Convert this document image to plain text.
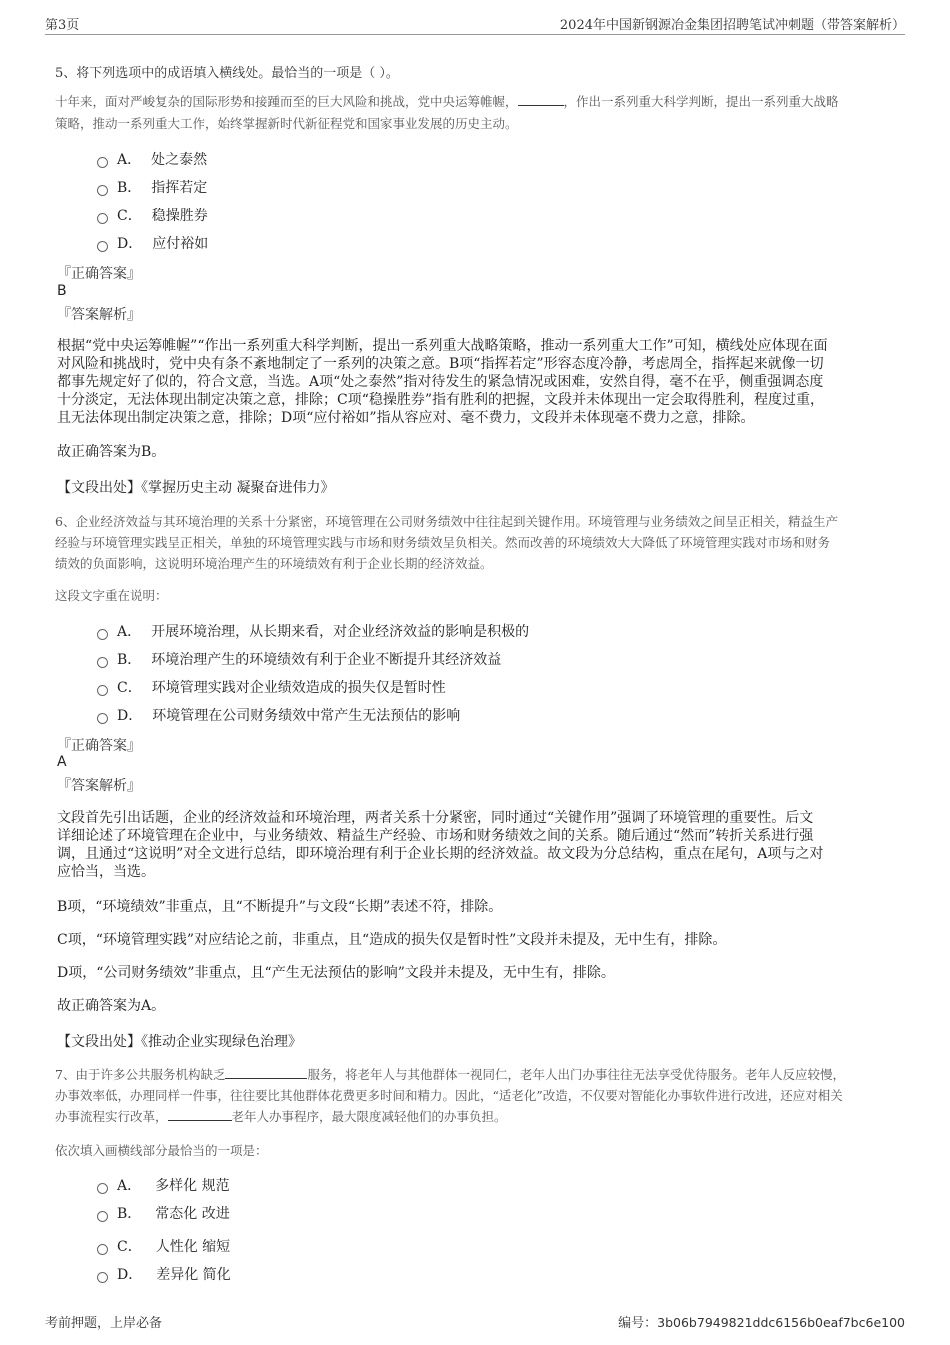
第3页	2024年中国新钢源冶金集团招聘笔试冲刺题（带答案解析）
5、将下列选项中的成语填入横线处。最恰当的一项是（ ）。
十年来，面对严峻复杂的国际形势和接踵而至的巨大风险和挑战，党中央运筹帷幄，	，作出一系列重大科学判断，提出一系列重大战略
策略，推动一系列重大工作，始终掌握新时代新征程党和国家事业发展的历史主动。
A． 处之泰然
B． 指挥若定
C． 稳操胜券
D． 应付裕如
『正确答案』
B
『答案解析』
根据“党中央运筹帷幄”“作出一系列重大科学判断，提出一系列重大战略策略，推动一系列重大工作”可知，横线处应体现在面
对风险和挑战时，党中央有条不紊地制定了一系列的决策之意。B项“指挥若定”形容态度冷静，考虑周全，指挥起来就像一切
都事先规定好了似的，符合文意，当选。A项“处之泰然”指对待发生的紧急情况或困难，安然自得，毫不在乎，侧重强调态度
十分淡定，无法体现出制定决策之意，排除；C项“稳操胜券”指有胜利的把握，文段并未体现出一定会取得胜利，程度过重，
且无法体现出制定决策之意，排除；D项“应付裕如”指从容应对、毫不费力，文段并未体现毫不费力之意，排除。
故正确答案为B。
【文段出处】《掌握历史主动 凝聚奋进伟力》
6、企业经济效益与其环境治理的关系十分紧密，环境管理在公司财务绩效中往往起到关键作用。环境管理与业务绩效之间呈正相关，精益生产
经验与环境管理实践呈正相关，单独的环境管理实践与市场和财务绩效呈负相关。然而改善的环境绩效大大降低了环境管理实践对市场和财务
绩效的负面影响，这说明环境治理产生的环境绩效有利于企业长期的经济效益。
这段文字重在说明：
A． 开展环境治理，从长期来看，对企业经济效益的影响是积极的
B． 环境治理产生的环境绩效有利于企业不断提升其经济效益
C． 环境管理实践对企业绩效造成的损失仅是暂时性
D． 环境管理在公司财务绩效中常产生无法预估的影响
『正确答案』
A
『答案解析』
文段首先引出话题，企业的经济效益和环境治理，两者关系十分紧密，同时通过“关键作用”强调了环境管理的重要性。后文
详细论述了环境管理在企业中，与业务绩效、精益生产经验、市场和财务绩效之间的关系。随后通过“然而”转折关系进行强
调，且通过“这说明”对全文进行总结，即环境治理有利于企业长期的经济效益。故文段为分总结构，重点在尾句，A项与之对
应恰当，当选。
B项，“环境绩效”非重点，且“不断提升”与文段“长期”表述不符，排除。
C项，“环境管理实践”对应结论之前，非重点，且“造成的损失仅是暂时性”文段并未提及，无中生有，排除。
D项，“公司财务绩效”非重点，且“产生无法预估的影响”文段并未提及，无中生有，排除。
故正确答案为A。
【文段出处】《推动企业实现绿色治理》
7、由于许多公共服务机构缺乏	服务，将老年人与其他群体一视同仁，老年人出门办事往往无法享受优待服务。老年人反应较慢，
办事效率低，办理同样一件事，往往要比其他群体花费更多时间和精力。因此，“适老化”改造，不仅要对智能化办事软件进行改进，还应对相关
办事流程实行改革，	老年人办事程序，最大限度减轻他们的办事负担。
依次填入画横线部分最恰当的一项是：
A． 多样化 规范
B． 常态化 改进
C． 人性化 缩短
D． 差异化 简化
考前押题，上岸必备	编号：3b06b7949821ddc6156b0eaf7bc6e100
